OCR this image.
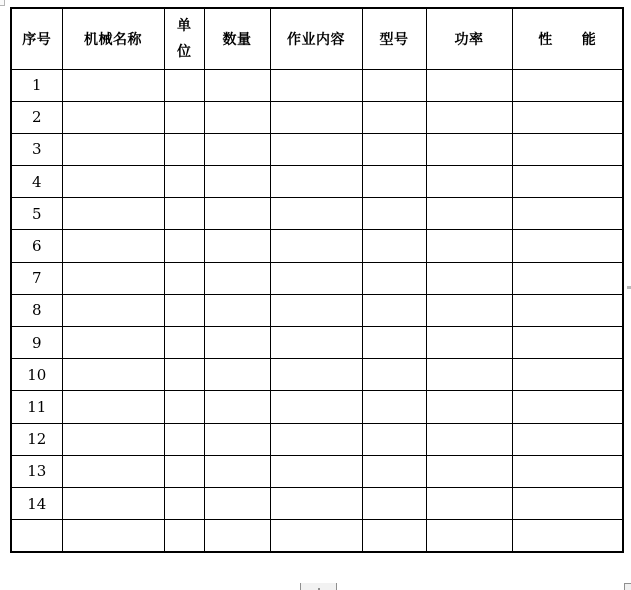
序号	机械名称	单位	数量	作业内容	型号	功率	性　　能
1							
2							
3							
4							
5							
6							
7							
8							
9							
10							
11							
12							
13							
14							
